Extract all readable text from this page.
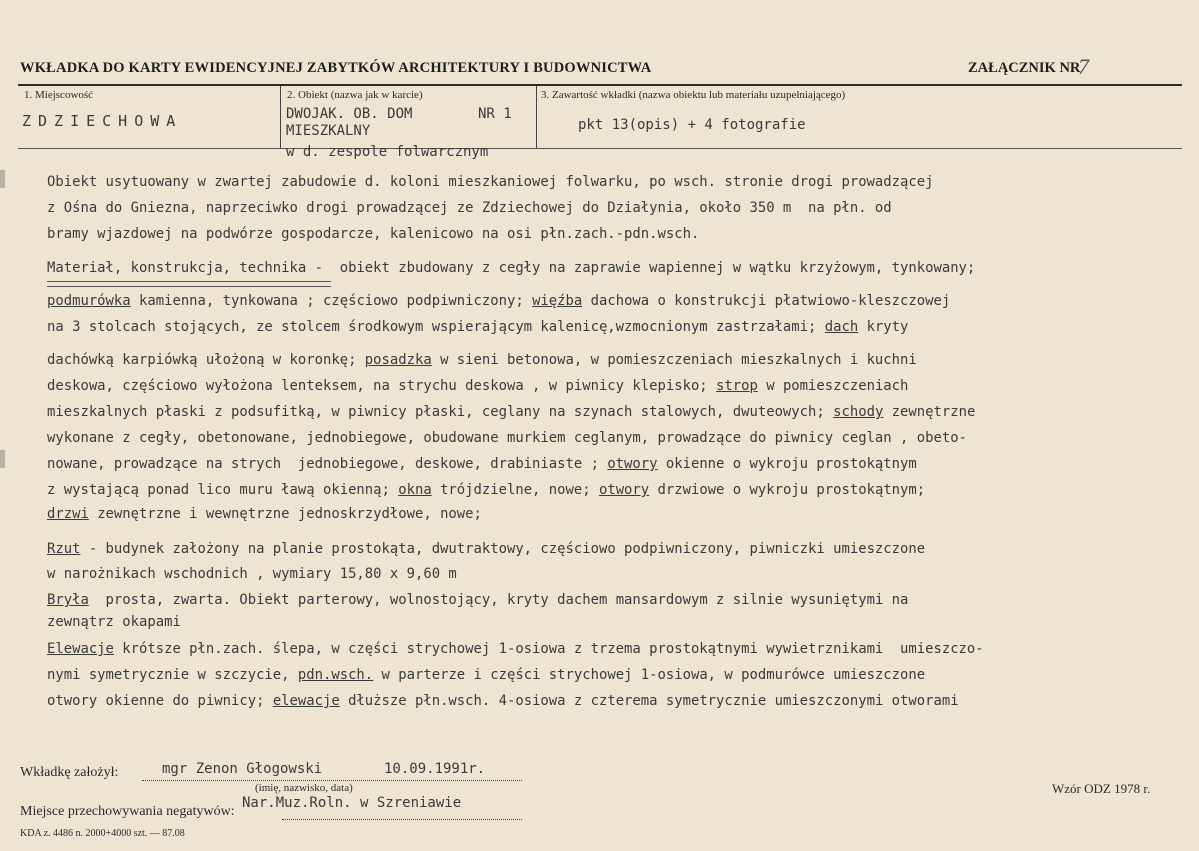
WKŁADKA DO KARTY EWIDENCYJNEJ ZABYTKÓW ARCHITEKTURY I BUDOWNICTWA	ZAŁĄCZNIK NR
7
1. Miejscowość
ZDZIECHOWA
2. Obiekt (nazwa jak w karcie)
DWOJAK. OB. DOM	NR 1
MIESZKALNY
w d. zespole folwarcznym
3. Zawartość wkładki (nazwa obiektu lub materiału uzupełniającego)
pkt 13(opis) + 4 fotografie
Obiekt usytuowany w zwartej zabudowie d. koloni mieszkaniowej folwarku, po wsch. stronie drogi prowadzącej
z Ośna do Gniezna, naprzeciwko drogi prowadzącej ze Zdziechowej do Działynia, około 350 m  na płn. od
bramy wjazdowej na podwórze gospodarcze, kalenicowo na osi płn.zach.-pdn.wsch.
Materiał, konstrukcja, technika -  obiekt zbudowany z cegły na zaprawie wapiennej w wątku krzyżowym, tynkowany;
podmurówka kamienna, tynkowana ; częściowo podpiwniczony; więźba dachowa o konstrukcji płatwiowo-kleszczowej
na 3 stolcach stojących, ze stolcem środkowym wspierającym kalenicę,wzmocnionym zastrzałami; dach kryty
dachówką karpiówką ułożoną w koronkę; posadzka w sieni betonowa, w pomieszczeniach mieszkalnych i kuchni
deskowa, częściowo wyłożona lenteksem, na strychu deskowa , w piwnicy klepisko; strop w pomieszczeniach
mieszkalnych płaski z podsufitką, w piwnicy płaski, ceglany na szynach stalowych, dwuteowych; schody zewnętrzne
wykonane z cegły, obetonowane, jednobiegowe, obudowane murkiem ceglanym, prowadzące do piwnicy ceglan , obeto-
nowane, prowadzące na strych  jednobiegowe, deskowe, drabiniaste ; otwory okienne o wykroju prostokątnym
z wystającą ponad lico muru ławą okienną; okna trójdzielne, nowe; otwory drzwiowe o wykroju prostokątnym;
drzwi zewnętrzne i wewnętrzne jednoskrzydłowe, nowe;
Rzut - budynek założony na planie prostokąta, dwutraktowy, częściowo podpiwniczony, piwniczki umieszczone
w narożnikach wschodnich , wymiary 15,80 x 9,60 m
Bryła  prosta, zwarta. Obiekt parterowy, wolnostojący, kryty dachem mansardowym z silnie wysuniętymi na
zewnątrz okapami
Elewacje krótsze płn.zach. ślepa, w części strychowej 1-osiowa z trzema prostokątnymi wywietrznikami  umieszczo-
nymi symetrycznie w szczycie, pdn.wsch. w parterze i części strychowej 1-osiowa, w podmurówce umieszczone
otwory okienne do piwnicy; elewacje dłuższe płn.wsch. 4-osiowa z czterema symetrycznie umieszczonymi otworami
Wkładkę założył:	mgr Zenon Głogowski	10.09.1991r.
(imię, nazwisko, data)
Nar.Muz.Roln. w Szreniawie
Miejsce przechowywania negatywów:
Wzór ODZ 1978 r.
KDA z. 4486 n. 2000+4000 szt. — 87.08
